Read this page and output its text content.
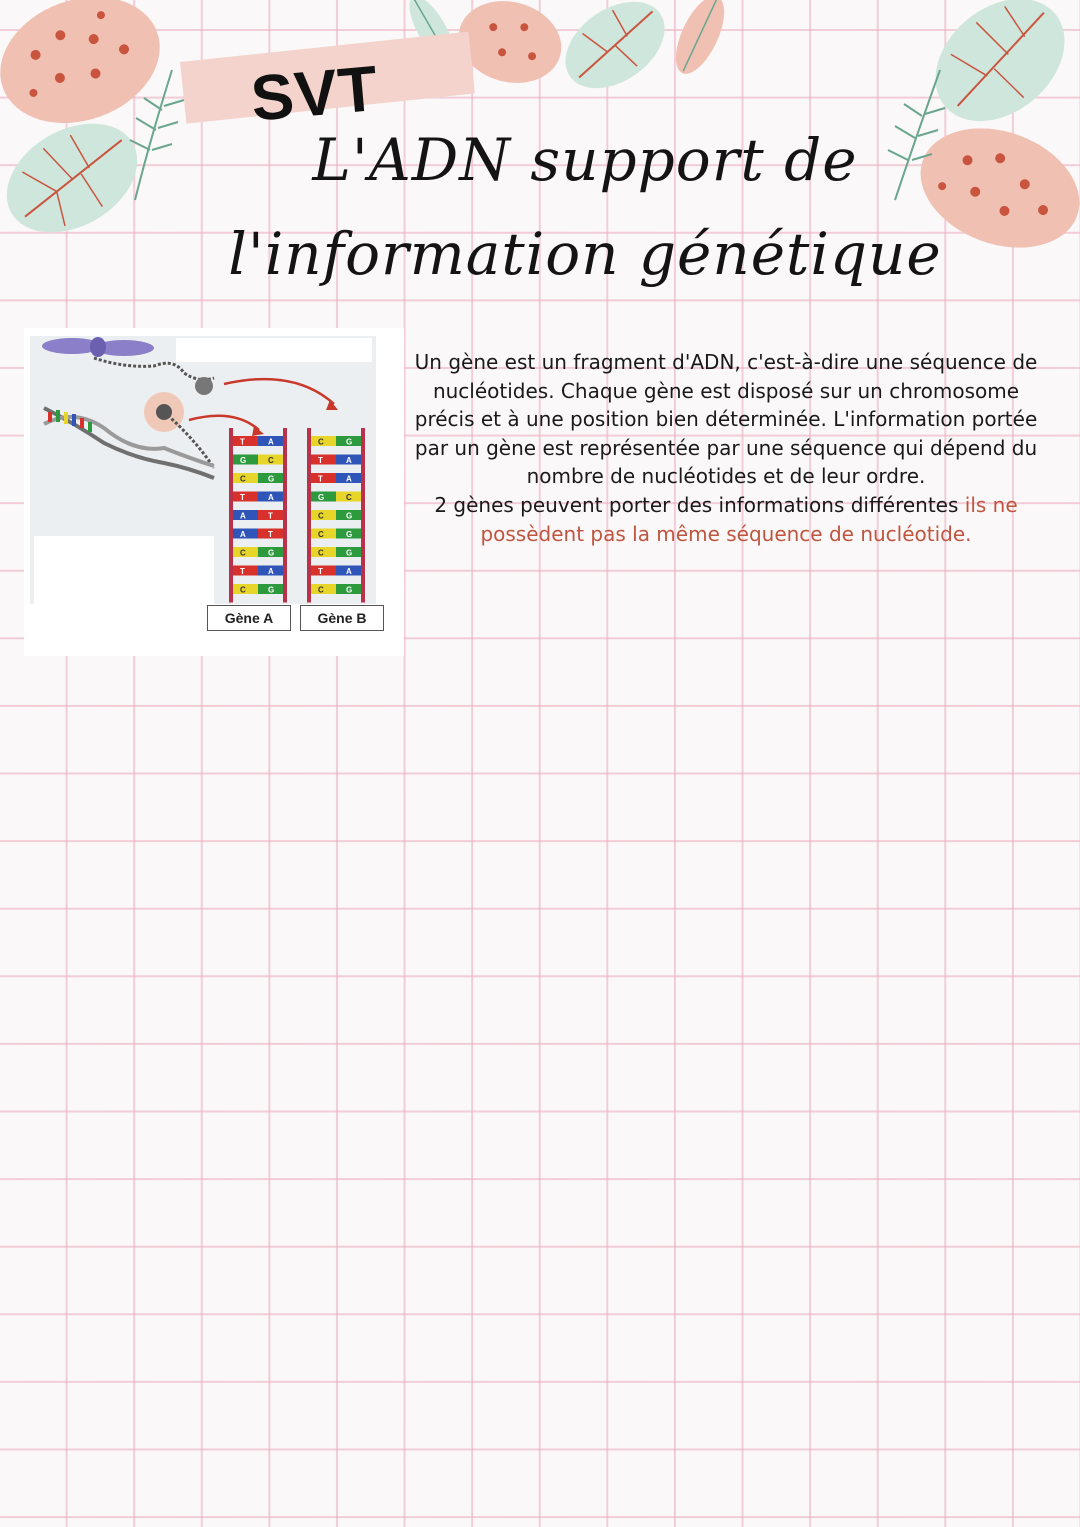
SVT
L'ADN support de
l'information génétique
T	A
G	C
C	G
T	A
A	T
A	T
C	G
T	A
C	G
C	G
T	A
T	A
G	C
C	G
C	G
C	G
T	A
C	G
Gène A	Gène B

Un gène est un fragment d'ADN, c'est-à-dire une séquence de nucléotides. Chaque gène est disposé sur un chromosome précis et à une position bien déterminée. L'information portée par un gène est représentée par une séquence qui dépend du nombre de nucléotides et de leur ordre.

2 gènes peuvent porter des informations différentes ils ne possèdent pas la même séquence de nucléotide.
